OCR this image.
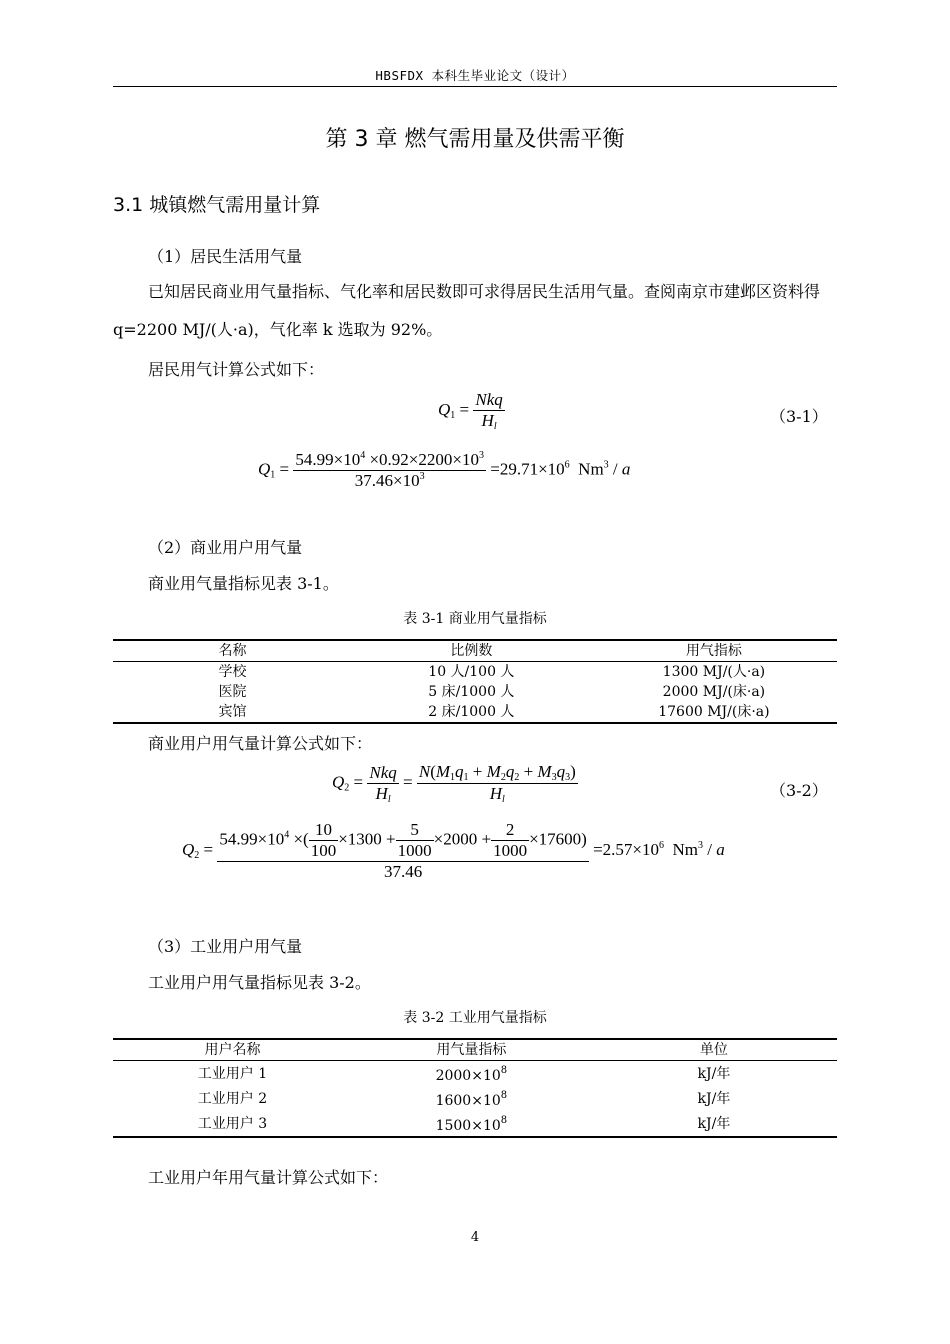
HBSFDX 本科生毕业论文（设计）
第 3 章 燃气需用量及供需平衡
3.1 城镇燃气需用量计算
（1）居民生活用气量
已知居民商业用气量指标、气化率和居民数即可求得居民生活用气量。查阅南京市建邺区资料得 q=2200 MJ/(人·a)，气化率 k 选取为 92%。
居民用气计算公式如下：
$Q_1 = \frac{\text{Nkq}}{H_l}$	（3-1）
$Q_1 = \frac{54.99\times 10^4 \times 0.92\times 2200\times 10^3}{37.46\times 10^3} =29.71\times 10^6$  Nm$^3$ / a
（2）商业用户用气量
商业用气量指标见表 3-1。
表 3-1 商业用气量指标
名称	比例数	用气指标
学校	10 人/100 人	1300 MJ/(人·a)
医院	5 床/1000 人	2000 MJ/(床·a)
宾馆	2 床/1000 人	17600 MJ/(床·a)
商业用户用气量计算公式如下：
$Q_2 = \frac{\text{Nkq}}{H_l} = \frac{N(M_1q_1 + M_2q_2 + M_3q_3)}{H_l}$	（3-2）
$Q_2 = \frac{54.99\times 10^4 \times( \frac{10}{100} \times 1300 + \frac{5}{1000} \times 2000 + \frac{2}{1000} \times 17600)}{37.46} =2.57\times 10^6$  Nm$^3$ / a
（3）工业用户用气量
工业用户用气量指标见表 3-2。
表 3-2 工业用气量指标
用户名称	用气量指标	单位
工业用户 1	$2000\times 10^8$	kJ/年
工业用户 2	$1600\times 10^8$	kJ/年
工业用户 3	$1500\times 10^8$	kJ/年
工业用户年用气量计算公式如下：
4
